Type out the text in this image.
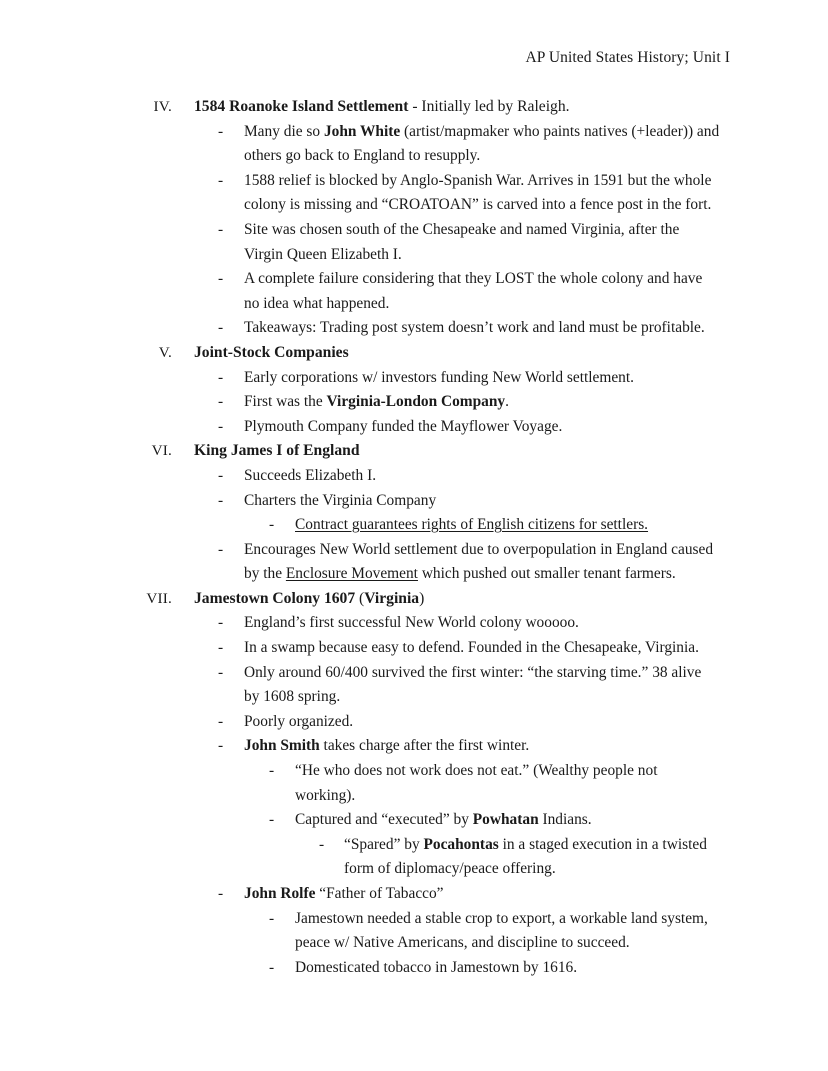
AP United States History; Unit I
IV. 1584 Roanoke Island Settlement - Initially led by Raleigh.
-	Many die so John White (artist/mapmaker who paints natives (+leader)) and others go back to England to resupply.
-	1588 relief is blocked by Anglo-Spanish War. Arrives in 1591 but the whole colony is missing and “CROATOAN” is carved into a fence post in the fort.
-	Site was chosen south of the Chesapeake and named Virginia, after the Virgin Queen Elizabeth I.
-	A complete failure considering that they LOST the whole colony and have no idea what happened.
-	Takeaways: Trading post system doesn’t work and land must be profitable.
V. Joint-Stock Companies
-	Early corporations w/ investors funding New World settlement.
-	First was the Virginia-London Company.
-	Plymouth Company funded the Mayflower Voyage.
VI. King James I of England
-	Succeeds Elizabeth I.
-	Charters the Virginia Company
-	Contract guarantees rights of English citizens for settlers.
-	Encourages New World settlement due to overpopulation in England caused by the Enclosure Movement which pushed out smaller tenant farmers.
VII. Jamestown Colony 1607 (Virginia)
-	England’s first successful New World colony wooooo.
-	In a swamp because easy to defend. Founded in the Chesapeake, Virginia.
-	Only around 60/400 survived the first winter: “the starving time.” 38 alive by 1608 spring.
-	Poorly organized.
-	John Smith takes charge after the first winter.
-	“He who does not work does not eat.” (Wealthy people not working).
-	Captured and “executed” by Powhatan Indians.
-	“Spared” by Pocahontas in a staged execution in a twisted form of diplomacy/peace offering.
-	John Rolfe “Father of Tabacco”
-	Jamestown needed a stable crop to export, a workable land system, peace w/ Native Americans, and discipline to succeed.
-	Domesticated tobacco in Jamestown by 1616.
